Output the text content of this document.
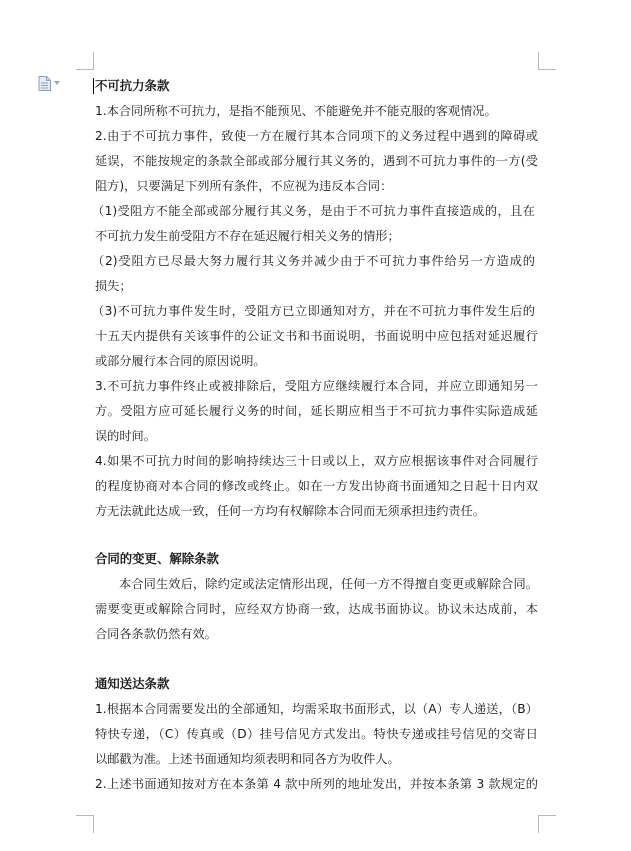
不可抗力条款
1.本合同所称不可抗力，是指不能预见、不能避免并不能克服的客观情况。
2.由于不可抗力事件，致使一方在履行其本合同项下的义务过程中遇到的障碍或
延误，不能按规定的条款全部或部分履行其义务的，遇到不可抗力事件的一方(受
阻方)，只要满足下列所有条件，不应视为违反本合同：
（1)受阻方不能全部或部分履行其义务，是由于不可抗力事件直接造成的，且在
不可抗力发生前受阻方不存在延迟履行相关义务的情形；
（2)受阻方已尽最大努力履行其义务并减少由于不可抗力事件给另一方造成的
损失；
（3)不可抗力事件发生时，受阻方已立即通知对方，并在不可抗力事件发生后的
十五天内提供有关该事件的公证文书和书面说明，书面说明中应包括对延迟履行
或部分履行本合同的原因说明。
3.不可抗力事件终止或被排除后，受阻方应继续履行本合同，并应立即通知另一
方。受阻方应可延长履行义务的时间，延长期应相当于不可抗力事件实际造成延
误的时间。
4.如果不可抗力时间的影响持续达三十日或以上，双方应根据该事件对合同履行
的程度协商对本合同的修改或终止。如在一方发出协商书面通知之日起十日内双
方无法就此达成一致，任何一方均有权解除本合同而无须承担违约责任。
合同的变更、解除条款
本合同生效后，除约定或法定情形出现，任何一方不得擅自变更或解除合同。
需要变更或解除合同时，应经双方协商一致，达成书面协议。协议未达成前，本
合同各条款仍然有效。
通知送达条款
1.根据本合同需要发出的全部通知，均需采取书面形式，以（A）专人递送，（B）
特快专递，（C）传真或（D）挂号信见方式发出。特快专递或挂号信见的交寄日
以邮戳为准。上述书面通知均须表明和同各方为收件人。
2.上述书面通知按对方在本条第 4 款中所列的地址发出，并按本条第 3 款规定的
